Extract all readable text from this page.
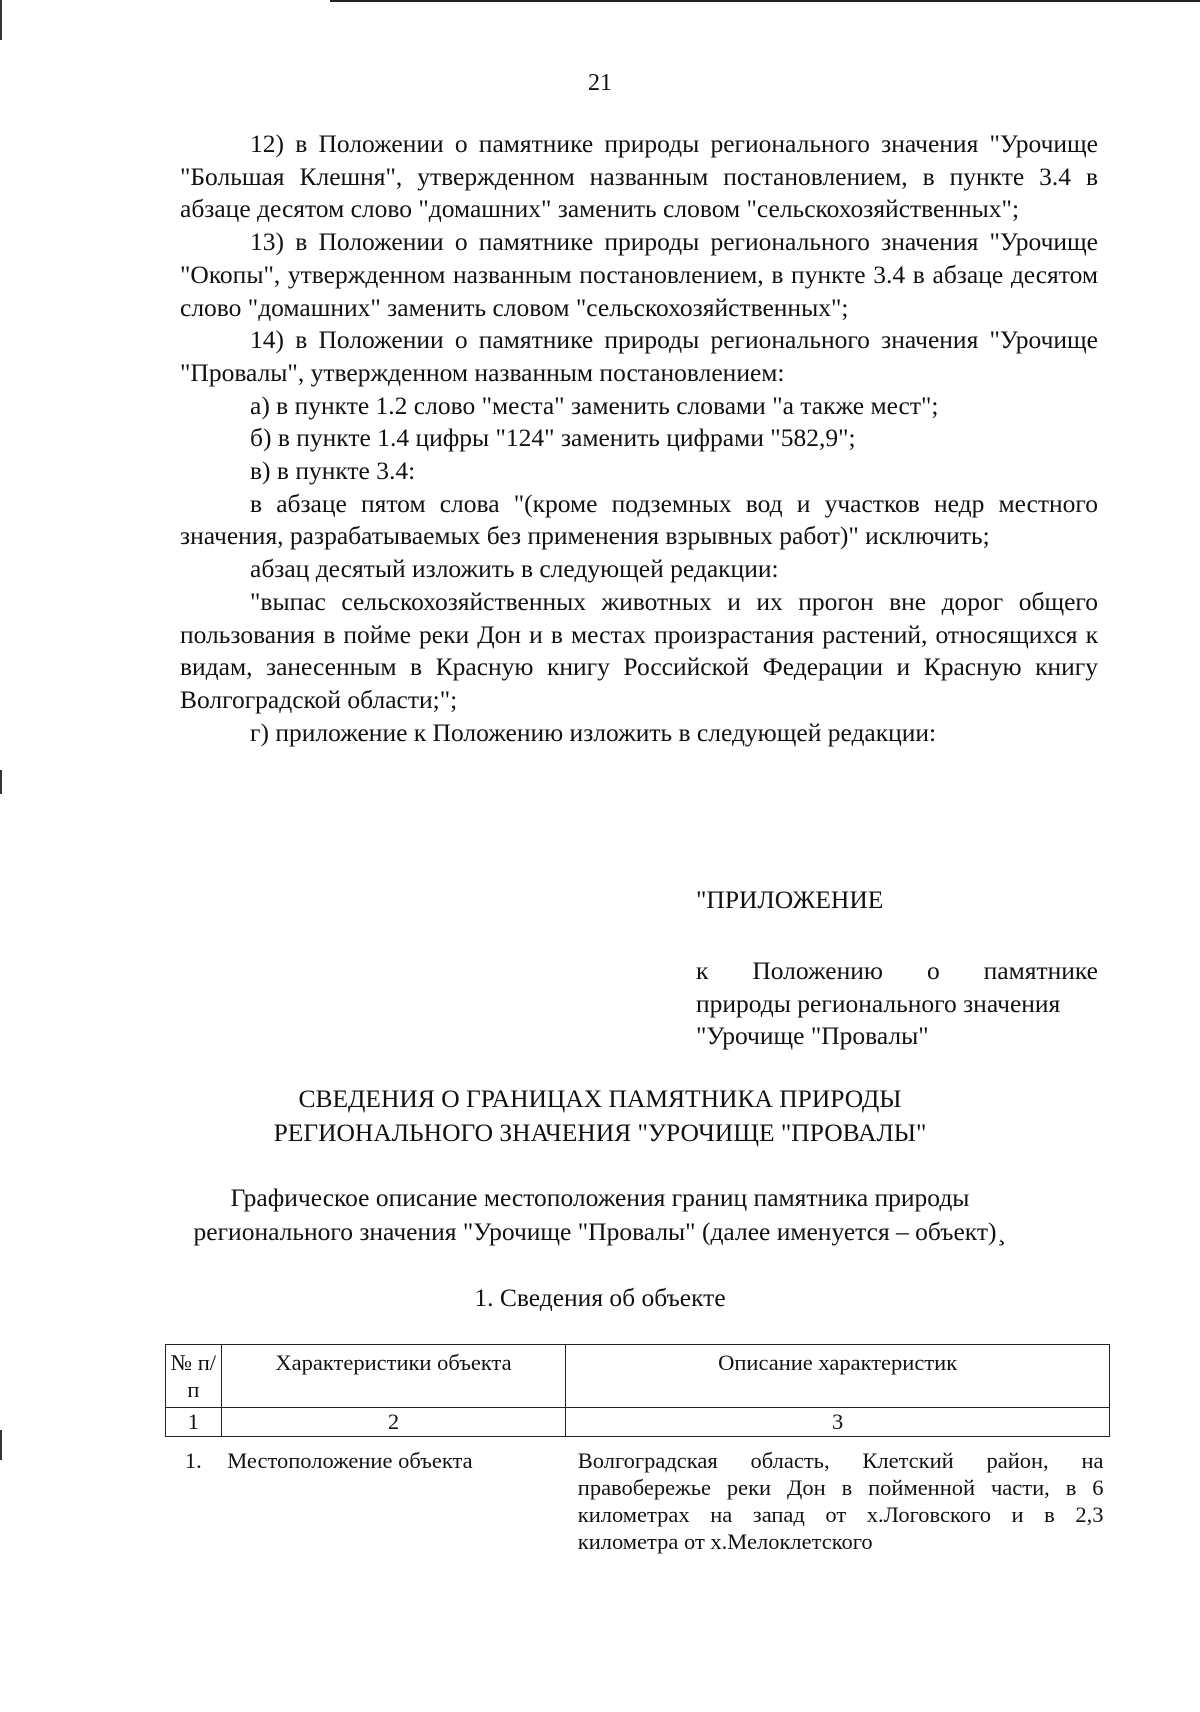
21

12) в Положении о памятнике природы регионального значения "Урочище "Большая Клешня", утвержденном названным постановлением, в пункте 3.4 в абзаце десятом слово "домашних" заменить словом "сельскохозяйственных";

13) в Положении о памятнике природы регионального значения "Урочище "Окопы", утвержденном названным постановлением, в пункте 3.4 в абзаце десятом слово "домашних" заменить словом "сельскохозяйственных";

14) в Положении о памятнике природы регионального значения "Урочище "Провалы", утвержденном названным постановлением:

а) в пункте 1.2 слово "места" заменить словами "а также мест";

б) в пункте 1.4 цифры "124" заменить цифрами "582,9";

в) в пункте 3.4:

в абзаце пятом слова "(кроме подземных вод и участков недр местного значения, разрабатываемых без применения взрывных работ)" исключить;

абзац десятый изложить в следующей редакции:

"выпас сельскохозяйственных животных и их прогон вне дорог общего пользования в пойме реки Дон и в местах произрастания растений, относящихся к видам, занесенным в Красную книгу Российской Федерации и Красную книгу Волгоградской области;";

г) приложение к Положению изложить в следующей редакции:

"ПРИЛОЖЕНИЕ

к Положению о памятнике

природы регионального значения

"Урочище "Провалы"

СВЕДЕНИЯ О ГРАНИЦАХ ПАМЯТНИКА ПРИРОДЫ

РЕГИОНАЛЬНОГО ЗНАЧЕНИЯ "УРОЧИЩЕ "ПРОВАЛЫ"

Графическое описание местоположения границ памятника природы

регионального значения "Урочище "Провалы" (далее именуется – объект)¸

1. Сведения об объекте
№ п/п	Характеристики объекта	Описание характеристик
1	2	3
1.	Местоположение объекта	Волгоградская область, Клетский район, на правобережье реки Дон в пойменной части, в 6 километрах на запад от х.Логовского и в 2,3 километра от х.Мелоклетского
